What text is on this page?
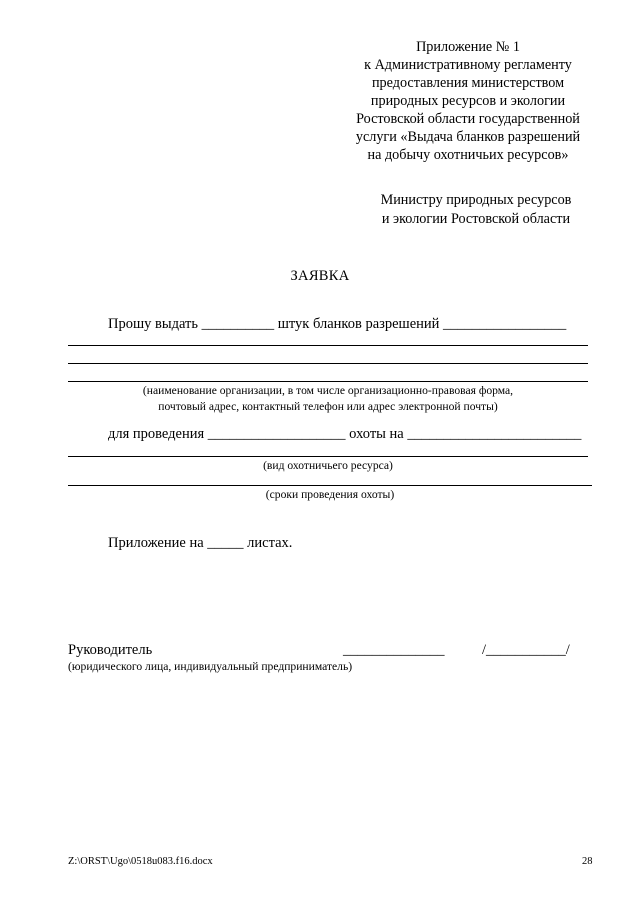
Приложение № 1
к Административному регламенту
предоставления министерством
природных ресурсов и экологии
Ростовской области государственной
услуги «Выдача бланков разрешений
на добычу охотничьих ресурсов»
Министру природных ресурсов
и экологии Ростовской области
ЗАЯВКА
Прошу выдать __________ штук бланков разрешений _________________
(наименование организации, в том числе организационно-правовая форма,
почтовый адрес, контактный телефон или адрес электронной почты)
для проведения ___________________ охоты на ________________________
(вид охотничьего ресурса)
(сроки проведения охоты)
Приложение на _____ листах.
Руководитель	______________	/___________/
(юридического лица, индивидуальный предприниматель)
Z:\ORST\Ugo\0518u083.f16.docx	28
